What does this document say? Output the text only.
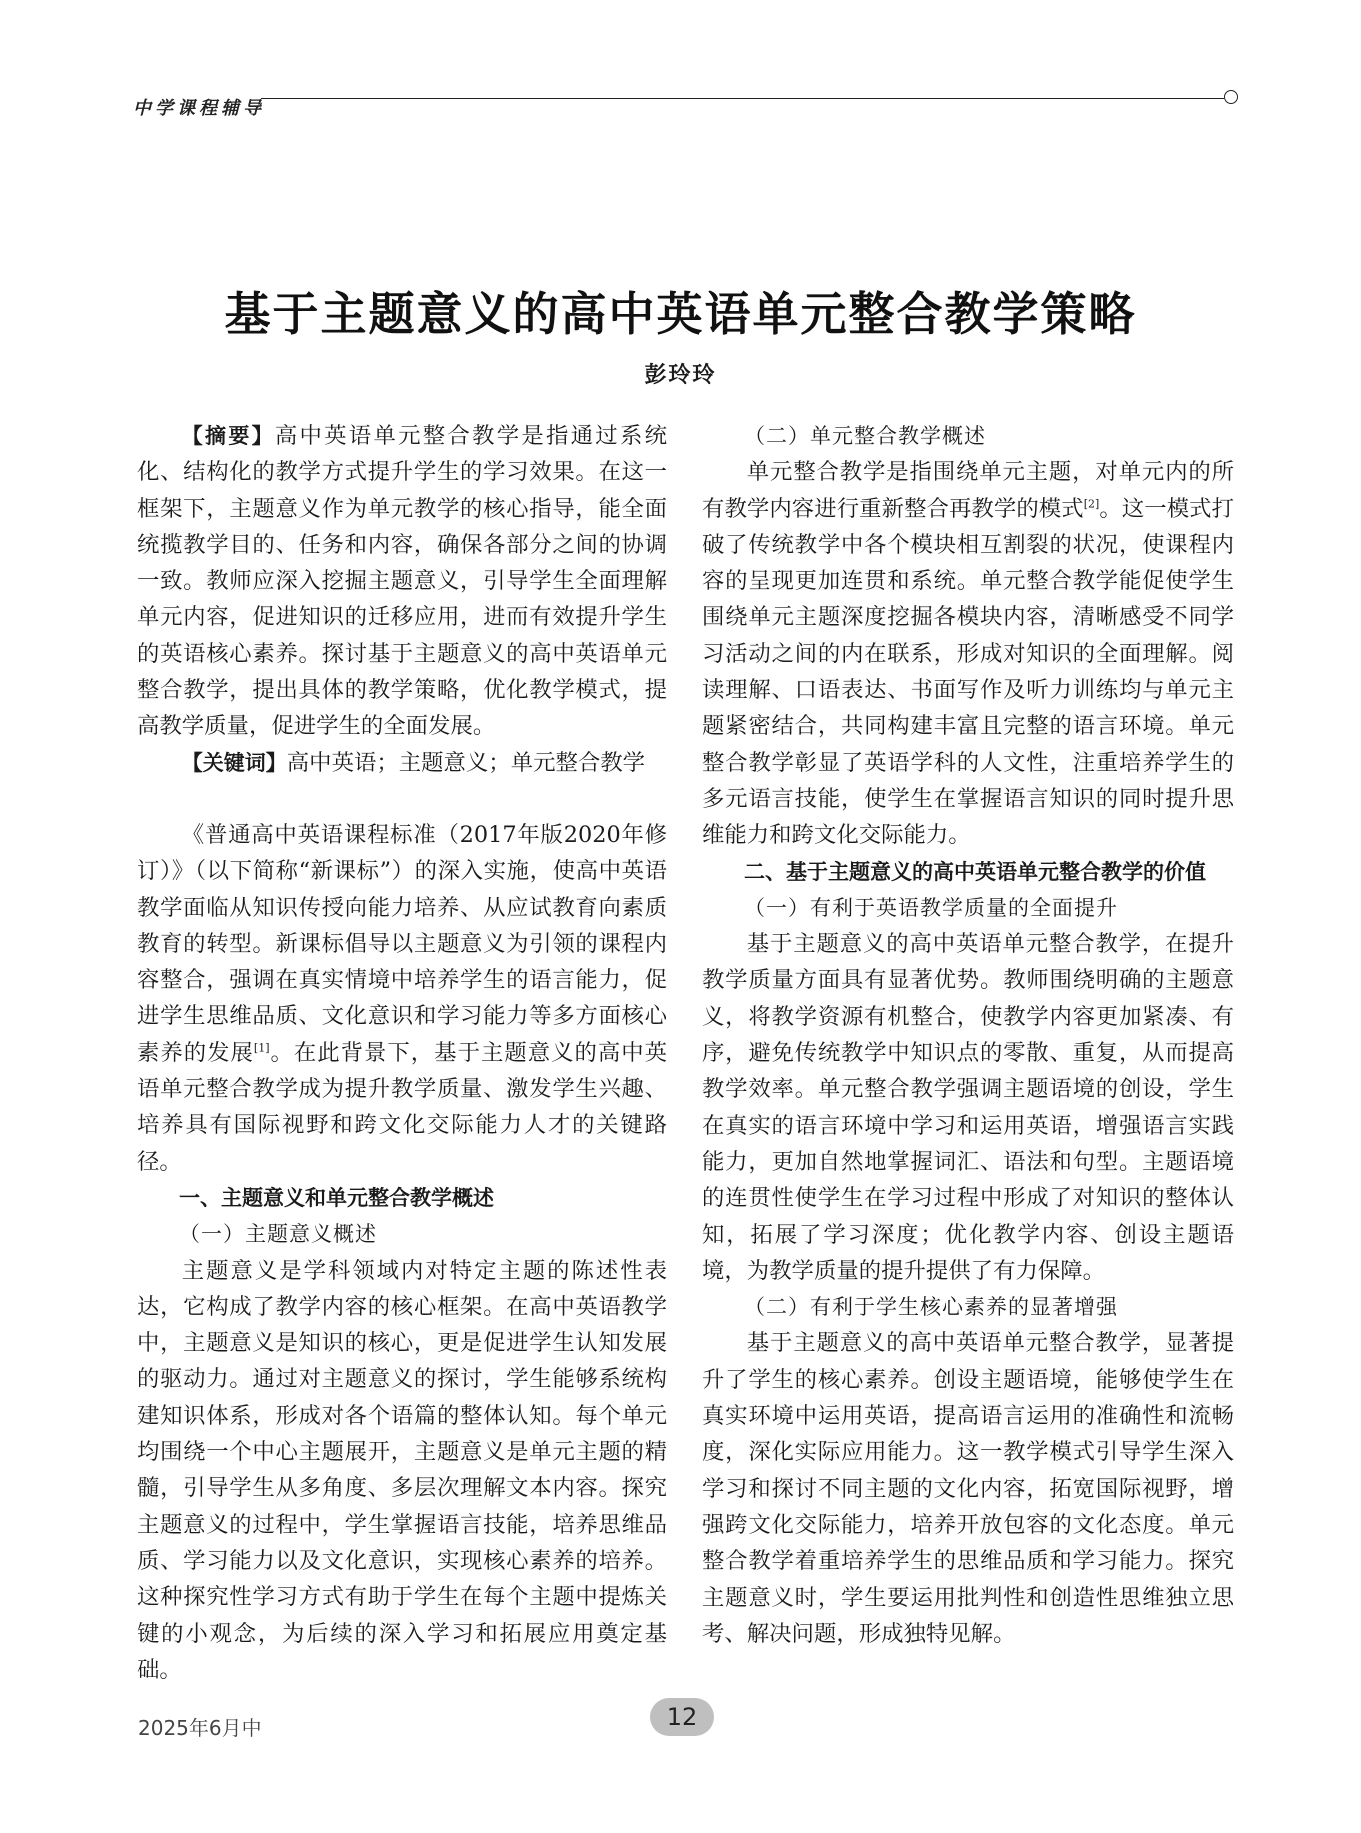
中学课程辅导
基于主题意义的高中英语单元整合教学策略
彭玲玲

【摘要】高中英语单元整合教学是指通过系统化、结构化的教学方式提升学生的学习效果。在这一框架下，主题意义作为单元教学的核心指导，能全面统揽教学目的、任务和内容，确保各部分之间的协调一致。教师应深入挖掘主题意义，引导学生全面理解单元内容，促进知识的迁移应用，进而有效提升学生的英语核心素养。探讨基于主题意义的高中英语单元整合教学，提出具体的教学策略，优化教学模式，提高教学质量，促进学生的全面发展。

【关键词】高中英语；主题意义；单元整合教学

《普通高中英语课程标准（2017年版2020年修订）》（以下简称“新课标”）的深入实施，使高中英语教学面临从知识传授向能力培养、从应试教育向素质教育的转型。新课标倡导以主题意义为引领的课程内容整合，强调在真实情境中培养学生的语言能力，促进学生思维品质、文化意识和学习能力等多方面核心素养的发展[1]。在此背景下，基于主题意义的高中英语单元整合教学成为提升教学质量、激发学生兴趣、培养具有国际视野和跨文化交际能力人才的关键路径。

一、主题意义和单元整合教学概述

（一）主题意义概述

主题意义是学科领域内对特定主题的陈述性表达，它构成了教学内容的核心框架。在高中英语教学中，主题意义是知识的核心，更是促进学生认知发展的驱动力。通过对主题意义的探讨，学生能够系统构建知识体系，形成对各个语篇的整体认知。每个单元均围绕一个中心主题展开，主题意义是单元主题的精髓，引导学生从多角度、多层次理解文本内容。探究主题意义的过程中，学生掌握语言技能，培养思维品质、学习能力以及文化意识，实现核心素养的培养。这种探究性学习方式有助于学生在每个主题中提炼关键的小观念，为后续的深入学习和拓展应用奠定基础。

（二）单元整合教学概述

单元整合教学是指围绕单元主题，对单元内的所有教学内容进行重新整合再教学的模式[2]。这一模式打破了传统教学中各个模块相互割裂的状况，使课程内容的呈现更加连贯和系统。单元整合教学能促使学生围绕单元主题深度挖掘各模块内容，清晰感受不同学习活动之间的内在联系，形成对知识的全面理解。阅读理解、口语表达、书面写作及听力训练均与单元主题紧密结合，共同构建丰富且完整的语言环境。单元整合教学彰显了英语学科的人文性，注重培养学生的多元语言技能，使学生在掌握语言知识的同时提升思维能力和跨文化交际能力。

二、基于主题意义的高中英语单元整合教学的价值

（一）有利于英语教学质量的全面提升

基于主题意义的高中英语单元整合教学，在提升教学质量方面具有显著优势。教师围绕明确的主题意义，将教学资源有机整合，使教学内容更加紧凑、有序，避免传统教学中知识点的零散、重复，从而提高教学效率。单元整合教学强调主题语境的创设，学生在真实的语言环境中学习和运用英语，增强语言实践能力，更加自然地掌握词汇、语法和句型。主题语境的连贯性使学生在学习过程中形成了对知识的整体认知，拓展了学习深度；优化教学内容、创设主题语境，为教学质量的提升提供了有力保障。

（二）有利于学生核心素养的显著增强

基于主题意义的高中英语单元整合教学，显著提升了学生的核心素养。创设主题语境，能够使学生在真实环境中运用英语，提高语言运用的准确性和流畅度，深化实际应用能力。这一教学模式引导学生深入学习和探讨不同主题的文化内容，拓宽国际视野，增强跨文化交际能力，培养开放包容的文化态度。单元整合教学着重培养学生的思维品质和学习能力。探究主题意义时，学生要运用批判性和创造性思维独立思考、解决问题，形成独特见解。

2025年6月中	12
